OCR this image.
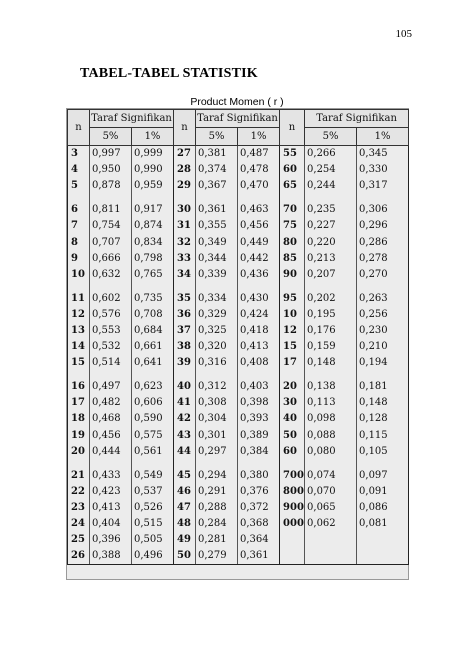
105
TABEL-TABEL STATISTIK
Product Momen ( r )
n	Taraf Signifikan		n	Taraf Signifikan		n	Taraf Signifikan	
	5%	1%		5%	1%		5%	1%
3	0,997	0,999	27	0,381	0,487	55	0,266	0,345
4	0,950	0,990	28	0,374	0,478	60	0,254	0,330
5	0,878	0,959	29	0,367	0,470	65	0,244	0,317

6	0,811	0,917	30	0,361	0,463	70	0,235	0,306
7	0,754	0,874	31	0,355	0,456	75	0,227	0,296
8	0,707	0,834	32	0,349	0,449	80	0,220	0,286
9	0,666	0,798	33	0,344	0,442	85	0,213	0,278
10	0,632	0,765	34	0,339	0,436	90	0,207	0,270

11	0,602	0,735	35	0,334	0,430	95	0,202	0,263
12	0,576	0,708	36	0,329	0,424	10	0,195	0,256
13	0,553	0,684	37	0,325	0,418	12	0,176	0,230
14	0,532	0,661	38	0,320	0,413	15	0,159	0,210
15	0,514	0,641	39	0,316	0,408	17	0,148	0,194

16	0,497	0,623	40	0,312	0,403	20	0,138	0,181
17	0,482	0,606	41	0,308	0,398	30	0,113	0,148
18	0,468	0,590	42	0,304	0,393	40	0,098	0,128
19	0,456	0,575	43	0,301	0,389	50	0,088	0,115
20	0,444	0,561	44	0,297	0,384	60	0,080	0,105

21	0,433	0,549	45	0,294	0,380	700	0,074	0,097
22	0,423	0,537	46	0,291	0,376	800	0,070	0,091
23	0,413	0,526	47	0,288	0,372	900	0,065	0,086
24	0,404	0,515	48	0,284	0,368	000	0,062	0,081
25	0,396	0,505	49	0,281	0,364			
26	0,388	0,496	50	0,279	0,361			
